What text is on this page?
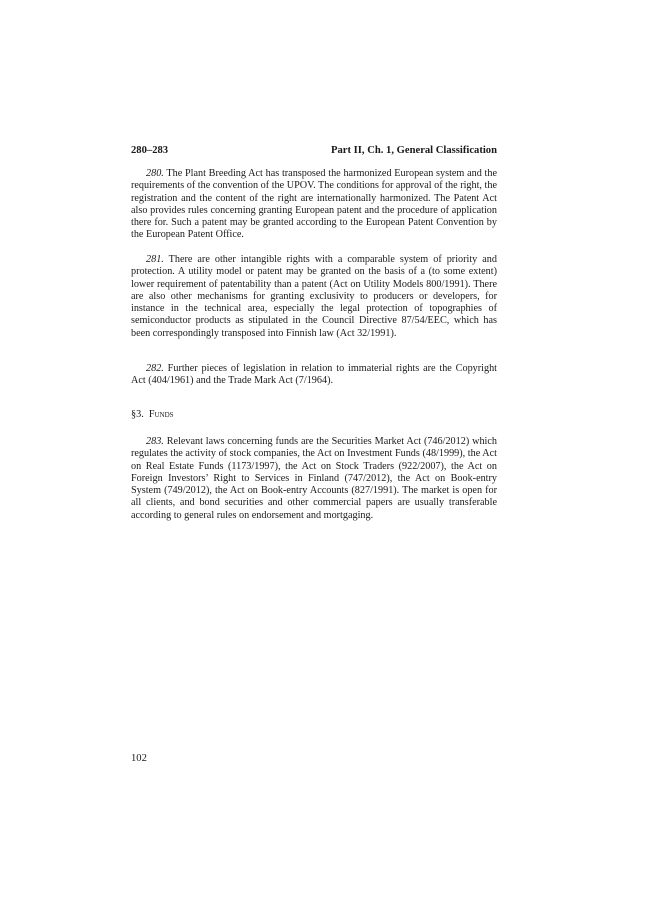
280–283	Part II, Ch. 1, General Classification

280. The Plant Breeding Act has transposed the harmonized European system and the requirements of the convention of the UPOV. The conditions for approval of the right, the registration and the content of the right are internationally harmonized. The Patent Act also provides rules concerning granting European patent and the procedure of application there for. Such a patent may be granted according to the European Patent Convention by the European Patent Office.

281. There are other intangible rights with a comparable system of priority and protection. A utility model or patent may be granted on the basis of a (to some extent) lower requirement of patentability than a patent (Act on Utility Models 800/1991). There are also other mechanisms for granting exclusivity to producers or developers, for instance in the technical area, especially the legal protection of topographies of semiconductor products as stipulated in the Council Directive 87/54/EEC, which has been correspondingly transposed into Finnish law (Act 32/1991).

282. Further pieces of legislation in relation to immaterial rights are the Copyright Act (404/1961) and the Trade Mark Act (7/1964).

§3. Funds

283. Relevant laws concerning funds are the Securities Market Act (746/2012) which regulates the activity of stock companies, the Act on Investment Funds (48/1999), the Act on Real Estate Funds (1173/1997), the Act on Stock Traders (922/2007), the Act on Foreign Investors’ Right to Services in Finland (747/2012), the Act on Book-entry System (749/2012), the Act on Book-entry Accounts (827/1991). The market is open for all clients, and bond securities and other commercial papers are usually transferable according to general rules on endorsement and mortgaging.

102
